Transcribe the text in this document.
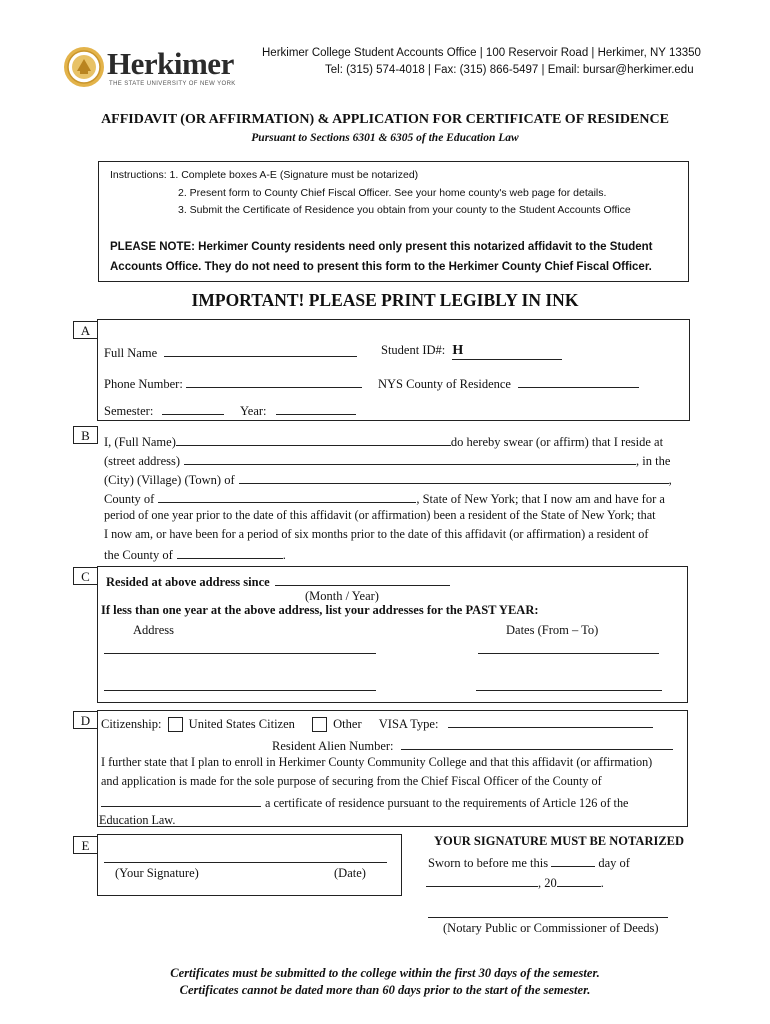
Herkimer
THE STATE UNIVERSITY OF NEW YORK
Herkimer College Student Accounts Office | 100 Reservoir Road | Herkimer, NY 13350
Tel: (315) 574-4018 | Fax: (315) 866-5497 | Email: bursar@herkimer.edu
AFFIDAVIT (OR AFFIRMATION) & APPLICATION FOR CERTIFICATE OF RESIDENCE
Pursuant to Sections 6301 & 6305 of the Education Law
Instructions: 1. Complete boxes A-E (Signature must be notarized)
2. Present form to County Chief Fiscal Officer. See your home county's web page for details.
3. Submit the Certificate of Residence you obtain from your county to the Student Accounts Office
PLEASE NOTE: Herkimer County residents need only present this notarized affidavit to the Student
Accounts Office. They do not need to present this form to the Herkimer County Chief Fiscal Officer.
IMPORTANT! PLEASE PRINT LEGIBLY IN INK
A
Full Name	Student ID#: H
Phone Number:	NYS County of Residence
Semester:	Year:
B	I, (Full Name)	do hereby swear (or affirm) that I reside at
(street address)	, in the
(City) (Village) (Town) of	,
County of	, State of New York; that I now am and have for a
period of one year prior to the date of this affidavit (or affirmation) been a resident of the State of New York; that
I now am, or have been for a period of six months prior to the date of this affidavit (or affirmation) a resident of
the County of	.
C	Resided at above address since
(Month / Year)
If less than one year at the above address, list your addresses for the PAST YEAR:
Address	Dates (From – To)
D Citizenship: United States Citizen	Other VISA Type:
Resident Alien Number:
I further state that I plan to enroll in Herkimer County Community College and that this affidavit (or affirmation)
and application is made for the sole purpose of securing from the Chief Fiscal Officer of the County of
a certificate of residence pursuant to the requirements of Article 126 of the
Education Law.
E
(Your Signature)	(Date)
YOUR SIGNATURE MUST BE NOTARIZED
Sworn to before me this	day of
, 20	.
(Notary Public or Commissioner of Deeds)
Certificates must be submitted to the college within the first 30 days of the semester.
Certificates cannot be dated more than 60 days prior to the start of the semester.
